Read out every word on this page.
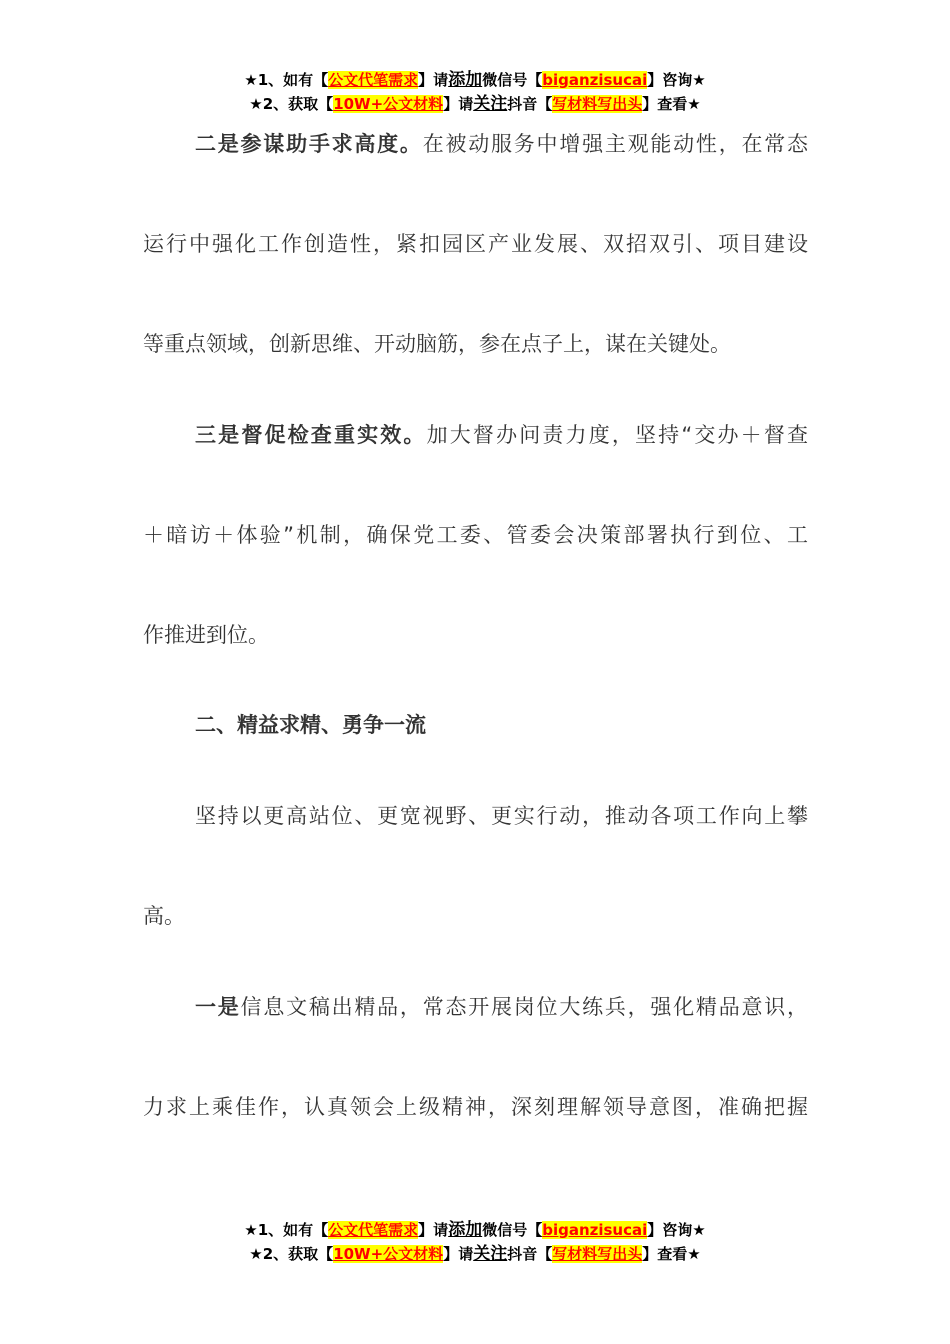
★1、如有【公文代笔需求】请添加微信号【biganzisucai】咨询★
★2、获取【10W+公文材料】请关注抖音【写材料写出头】查看★
二是参谋助手求高度。在被动服务中增强主观能动性，在常态
运行中强化工作创造性，紧扣园区产业发展、双招双引、项目建设
等重点领域，创新思维、开动脑筋，参在点子上，谋在关键处。
三是督促检查重实效。加大督办问责力度，坚持“交办＋督查
＋暗访＋体验”机制，确保党工委、管委会决策部署执行到位、工
作推进到位。
二、精益求精、勇争一流
坚持以更高站位、更宽视野、更实行动，推动各项工作向上攀
高。
一是信息文稿出精品，常态开展岗位大练兵，强化精品意识，
力求上乘佳作，认真领会上级精神，深刻理解领导意图，准确把握
★1、如有【公文代笔需求】请添加微信号【biganzisucai】咨询★
★2、获取【10W+公文材料】请关注抖音【写材料写出头】查看★
